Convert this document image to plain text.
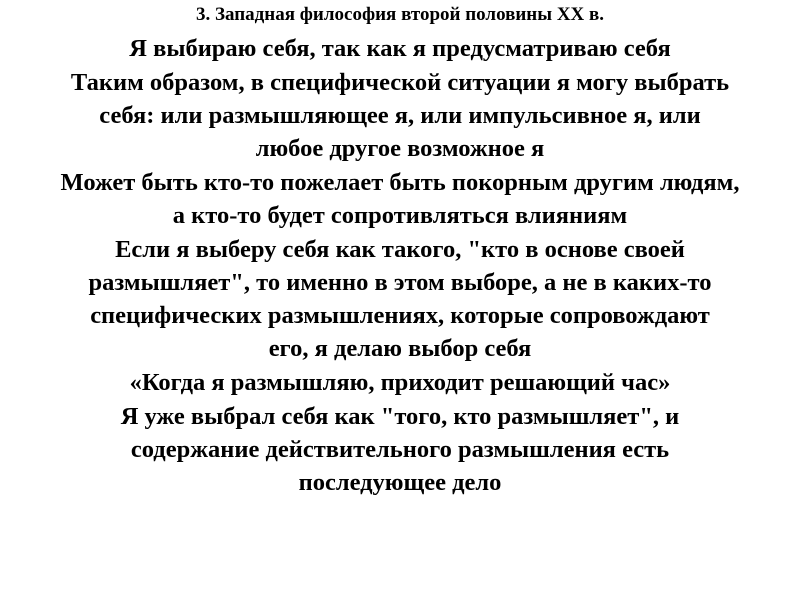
3. Западная философия второй половины XX в.
Я выбираю себя, так как я предусматриваю себя
Таким образом, в специфической ситуации я могу выбрать
себя: или размышляющее я, или импульсивное я, или
любое другое возможное я
Может быть кто-то пожелает быть покорным другим людям,
а кто-то будет сопротивляться влияниям
Если я выберу себя как такого, "кто в основе своей
размышляет", то именно в этом выборе, а не в каких-то
специфических размышлениях, которые сопровождают
его, я делаю выбор себя
«Когда я размышляю, приходит решающий час»
Я уже выбрал себя как "того, кто размышляет", и
содержание действительного размышления есть
последующее дело
